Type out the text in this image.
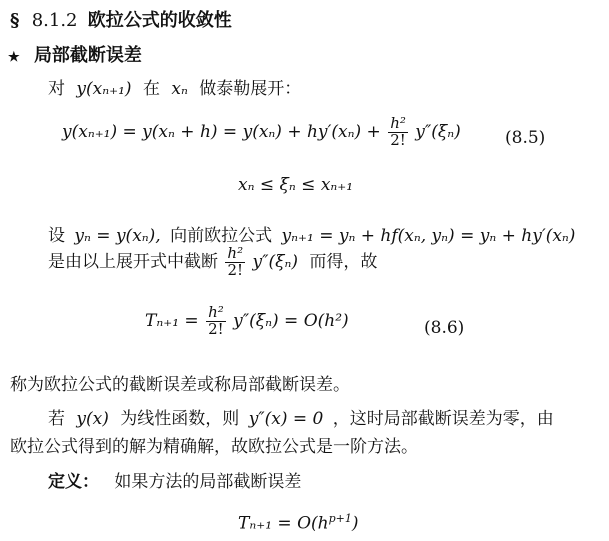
§ 8.1.2 欧拉公式的收敛性
★ 局部截断误差
对 y(xₙ₊₁) 在 xₙ 做泰勒展开：
$y(x_{n+1}) = y(x_n + h) = y(x_n) + hy'(x_n) + \frac{\text{h²}}{2!} y''(\xi_n)$	(8.5)
xₙ ≤ ξₙ ≤ xₙ₊₁
设 yₙ = y(xₙ), 向前欧拉公式 yₙ₊₁ = yₙ + hf(xₙ, yₙ) = yₙ + hy′(xₙ)
是由以上展开式中截断 $\frac{\text{h²}}{2!} y''(\xi_n)$ 而得，故
$T_{n+1} = \frac{\text{h²}}{2!} y''(\xi_n) = O(h^2)$	(8.6)
称为欧拉公式的截断误差或称局部截断误差。
若 y(x) 为线性函数，则 y″(x) = 0 ，这时局部截断误差为零，由
欧拉公式得到的解为精确解，故欧拉公式是一阶方法。
定义： 如果方法的局部截断误差
$T_{n+1} = O(h^{p+1})$
